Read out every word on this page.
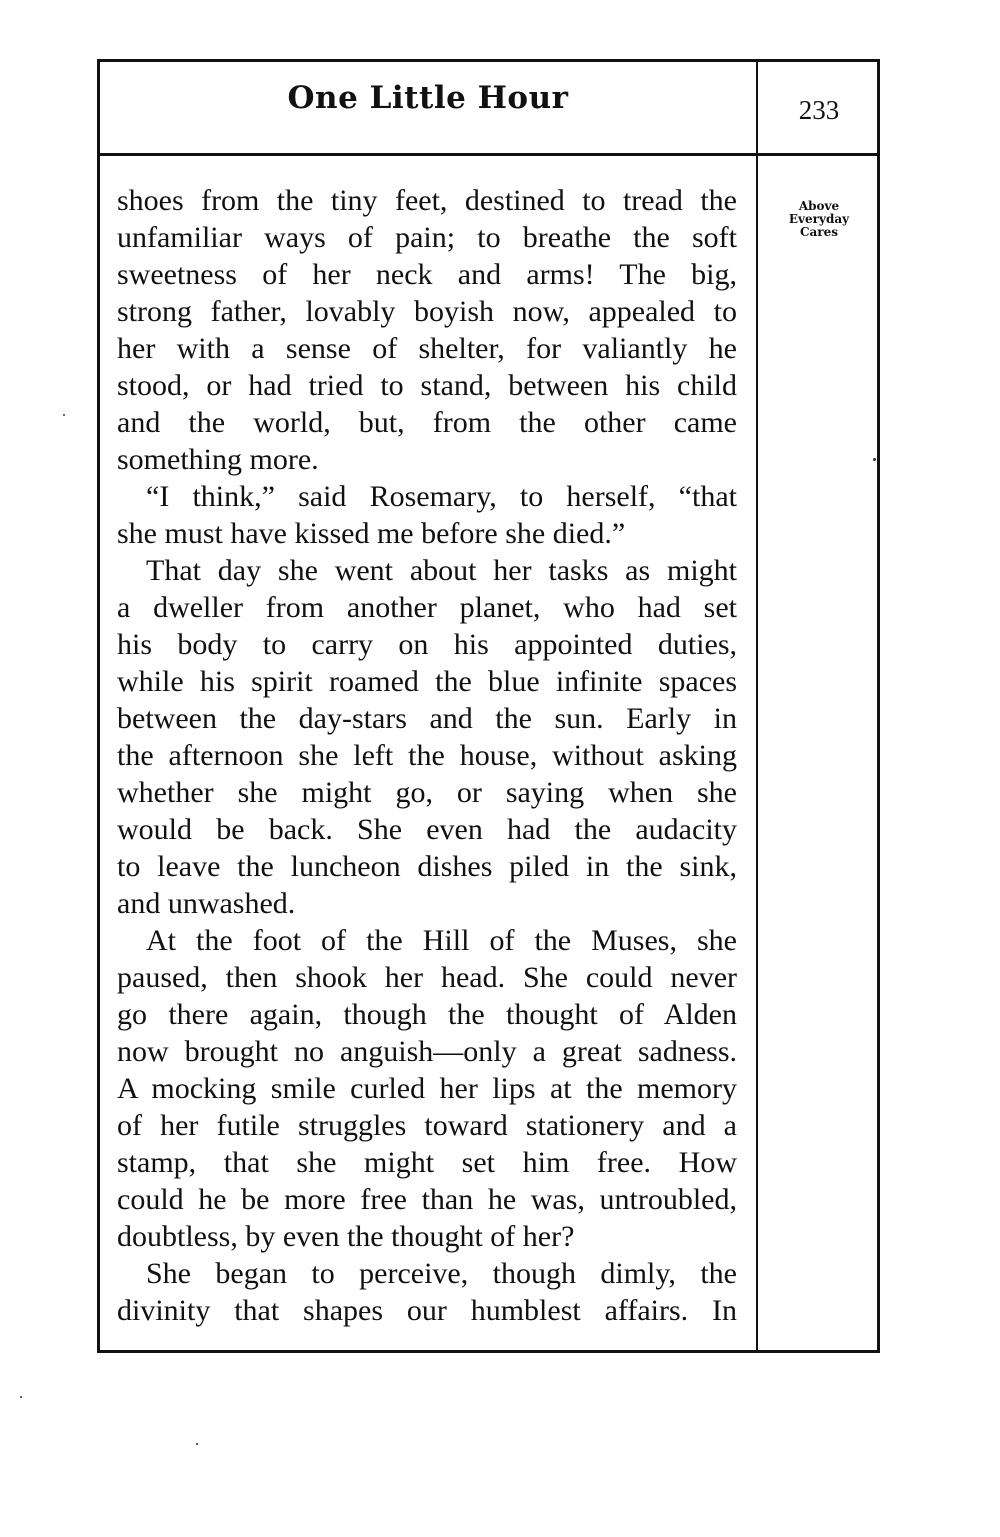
One Little Hour	233
Above
Everyday
Cares
shoes from the tiny feet, destined to tread the
unfamiliar ways of pain; to breathe the soft
sweetness of her neck and arms! The big,
strong father, lovably boyish now, appealed to
her with a sense of shelter, for valiantly he
stood, or had tried to stand, between his child
and the world, but, from the other came
something more.
“I think,” said Rosemary, to herself, “that
she must have kissed me before she died.”
That day she went about her tasks as might
a dweller from another planet, who had set
his body to carry on his appointed duties,
while his spirit roamed the blue infinite spaces
between the day-stars and the sun. Early in
the afternoon she left the house, without asking
whether she might go, or saying when she
would be back. She even had the audacity
to leave the luncheon dishes piled in the sink,
and unwashed.
At the foot of the Hill of the Muses, she
paused, then shook her head. She could never
go there again, though the thought of Alden
now brought no anguish—only a great sadness.
A mocking smile curled her lips at the memory
of her futile struggles toward stationery and a
stamp, that she might set him free. How
could he be more free than he was, untroubled,
doubtless, by even the thought of her?
She began to perceive, though dimly, the
divinity that shapes our humblest affairs. In
